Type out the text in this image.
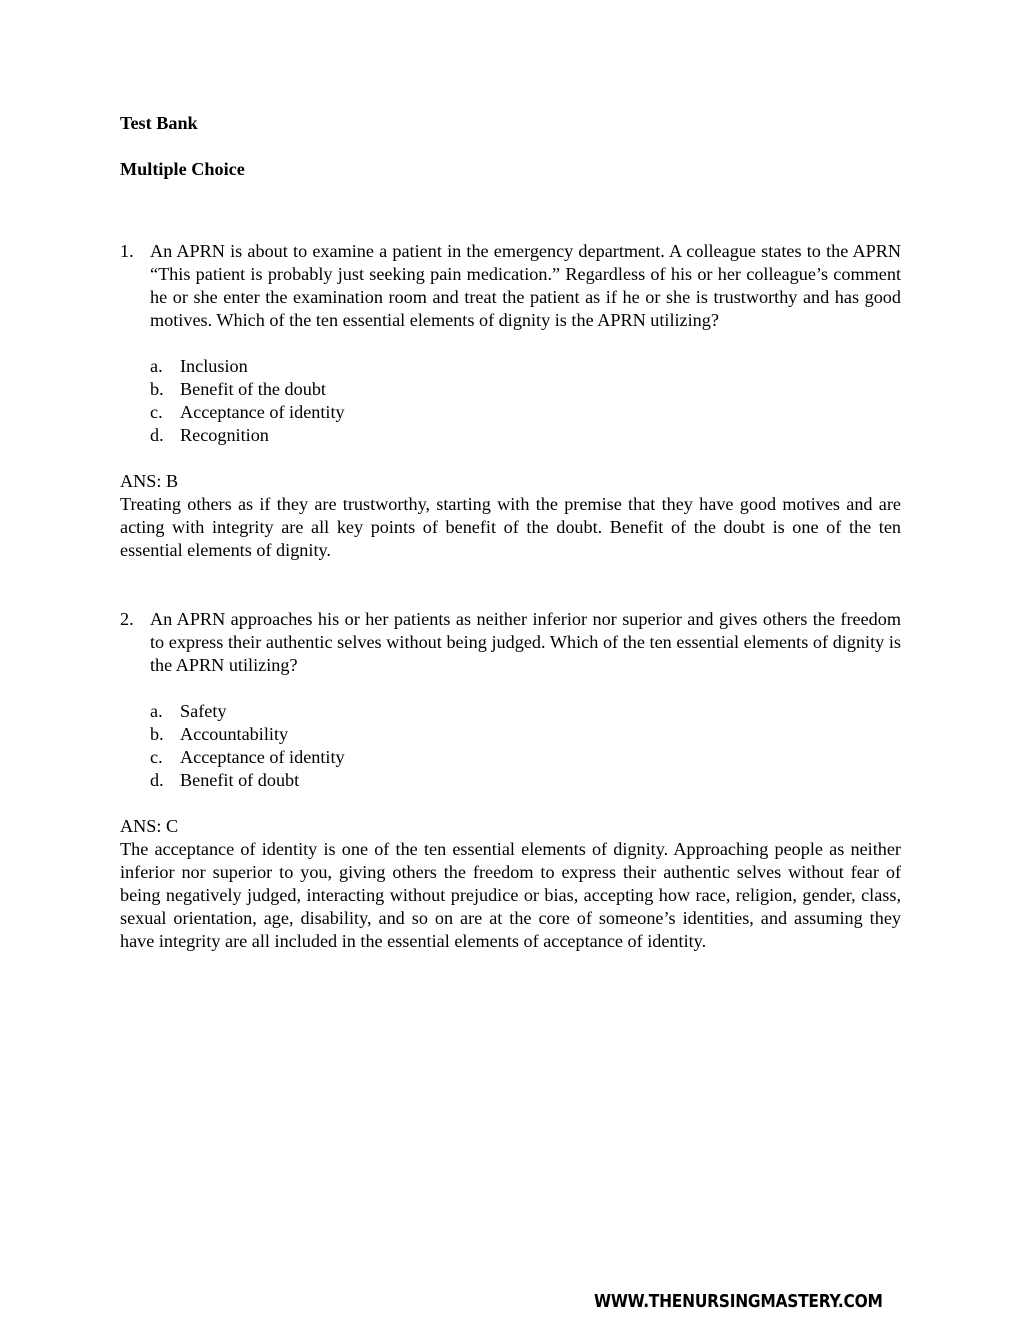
Test Bank

Multiple Choice

1. An APRN is about to examine a patient in the emergency department. A colleague states to the APRN “This patient is probably just seeking pain medication.” Regardless of his or her colleague’s comment he or she enter the examination room and treat the patient as if he or she is trustworthy and has good motives. Which of the ten essential elements of dignity is the APRN utilizing?
a. Inclusion
b. Benefit of the doubt
c. Acceptance of identity
d. Recognition

ANS: B

Treating others as if they are trustworthy, starting with the premise that they have good motives and are acting with integrity are all key points of benefit of the doubt. Benefit of the doubt is one of the ten essential elements of dignity.

2. An APRN approaches his or her patients as neither inferior nor superior and gives others the freedom to express their authentic selves without being judged. Which of the ten essential elements of dignity is the APRN utilizing?
a. Safety
b. Accountability
c. Acceptance of identity
d. Benefit of doubt

ANS: C

The acceptance of identity is one of the ten essential elements of dignity. Approaching people as neither inferior nor superior to you, giving others the freedom to express their authentic selves without fear of being negatively judged, interacting without prejudice or bias, accepting how race, religion, gender, class, sexual orientation, age, disability, and so on are at the core of someone’s identities, and assuming they have integrity are all included in the essential elements of acceptance of identity.

WWW.THENURSINGMASTERY.COM
